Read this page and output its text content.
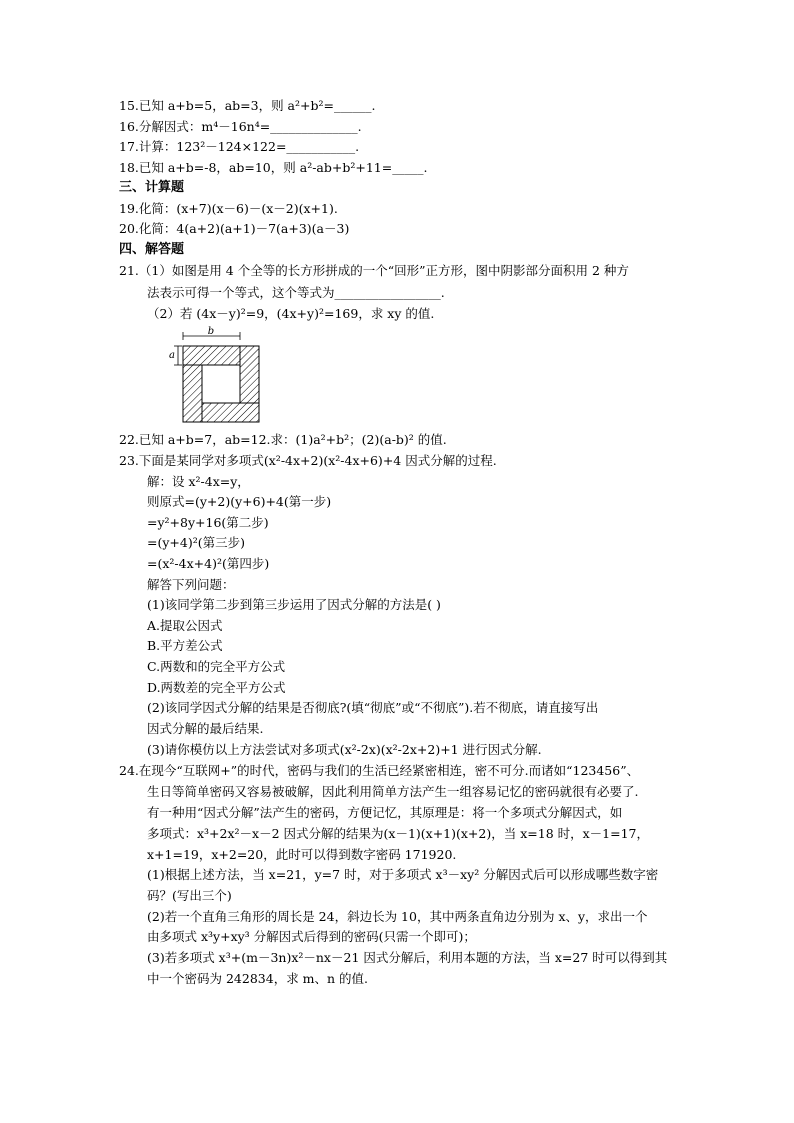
15.已知 a+b=5，ab=3，则 a²+b²=______.
16.分解因式：m⁴－16n⁴=______________.
17.计算：123²－124×122=___________.
18.已知 a+b=-8，ab=10，则 a²-ab+b²+11=_____.
三、计算题
19.化简：(x+7)(x－6)－(x－2)(x+1).
20.化简：4(a+2)(a+1)－7(a+3)(a－3)
四、解答题
21.（1）如图是用 4 个全等的长方形拼成的一个“回形”正方形，图中阴影部分面积用 2 种方
法表示可得一个等式，这个等式为_________________.
（2）若 (4x－y)²=9，(4x+y)²=169，求 xy 的值.
b
a
22.已知 a+b=7，ab=12.求：(1)a²+b²；(2)(a-b)² 的值.
23.下面是某同学对多项式(x²-4x+2)(x²-4x+6)+4 因式分解的过程.
解：设 x²-4x=y，
则原式=(y+2)(y+6)+4(第一步)
=y²+8y+16(第二步)
=(y+4)²(第三步)
=(x²-4x+4)²(第四步)
解答下列问题：
(1)该同学第二步到第三步运用了因式分解的方法是( )
A.提取公因式
B.平方差公式
C.两数和的完全平方公式
D.两数差的完全平方公式
(2)该同学因式分解的结果是否彻底?(填“彻底”或“不彻底”).若不彻底，请直接写出
因式分解的最后结果.
(3)请你模仿以上方法尝试对多项式(x²-2x)(x²-2x+2)+1 进行因式分解.
24.在现今“互联网+”的时代，密码与我们的生活已经紧密相连，密不可分.而诸如“123456”、
生日等简单密码又容易被破解，因此利用简单方法产生一组容易记忆的密码就很有必要了.
有一种用“因式分解”法产生的密码，方便记忆，其原理是：将一个多项式分解因式，如
多项式：x³+2x²－x－2 因式分解的结果为(x－1)(x+1)(x+2)，当 x=18 时，x－1=17，
x+1=19，x+2=20，此时可以得到数字密码 171920.
(1)根据上述方法，当 x=21，y=7 时，对于多项式 x³－xy² 分解因式后可以形成哪些数字密
码？(写出三个)
(2)若一个直角三角形的周长是 24，斜边长为 10，其中两条直角边分别为 x、y，求出一个
由多项式 x³y+xy³ 分解因式后得到的密码(只需一个即可)；
(3)若多项式 x³+(m－3n)x²－nx－21 因式分解后，利用本题的方法，当 x=27 时可以得到其
中一个密码为 242834，求 m、n 的值.
